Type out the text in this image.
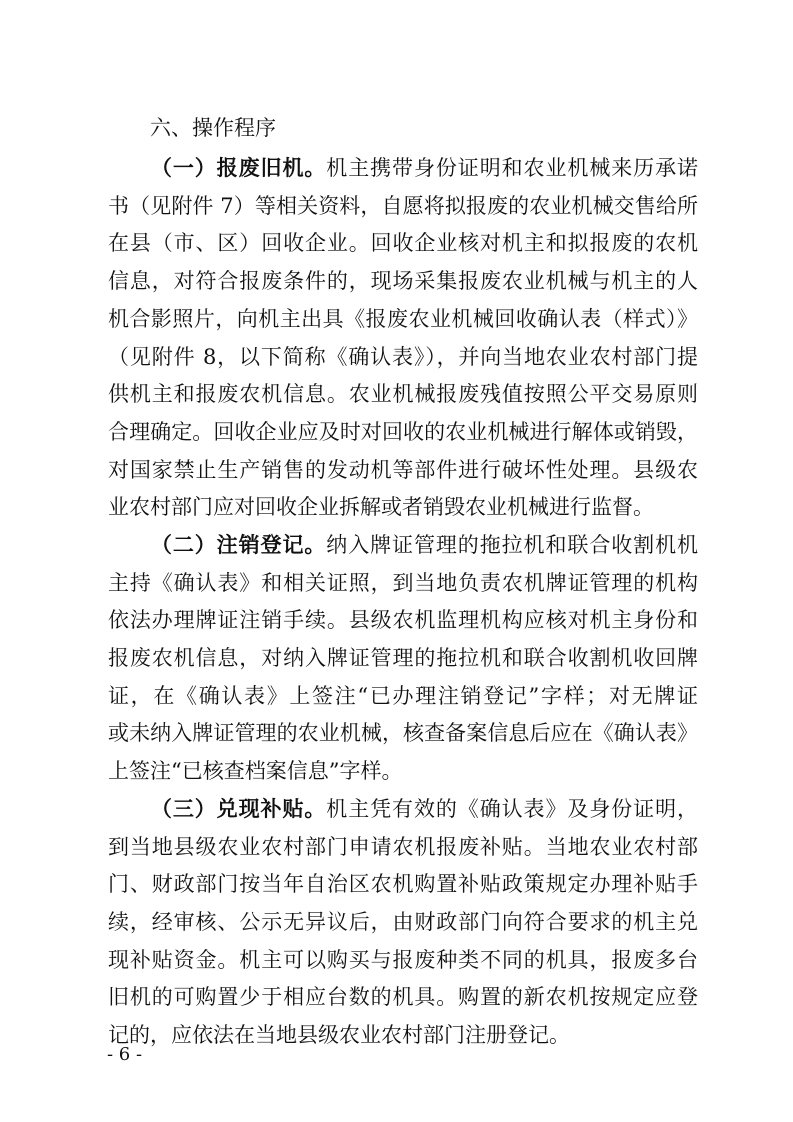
六、操作程序
（一）报废旧机。机主携带身份证明和农业机械来历承诺
书（见附件 7）等相关资料，自愿将拟报废的农业机械交售给所
在县（市、区）回收企业。回收企业核对机主和拟报废的农机
信息，对符合报废条件的，现场采集报废农业机械与机主的人
机合影照片，向机主出具《报废农业机械回收确认表（样式）》
（见附件 8，以下简称《确认表》），并向当地农业农村部门提
供机主和报废农机信息。农业机械报废残值按照公平交易原则
合理确定。回收企业应及时对回收的农业机械进行解体或销毁，
对国家禁止生产销售的发动机等部件进行破坏性处理。县级农
业农村部门应对回收企业拆解或者销毁农业机械进行监督。
（二）注销登记。纳入牌证管理的拖拉机和联合收割机机
主持《确认表》和相关证照，到当地负责农机牌证管理的机构
依法办理牌证注销手续。县级农机监理机构应核对机主身份和
报废农机信息，对纳入牌证管理的拖拉机和联合收割机收回牌
证，在《确认表》上签注“已办理注销登记”字样；对无牌证
或未纳入牌证管理的农业机械，核查备案信息后应在《确认表》
上签注“已核查档案信息”字样。
（三）兑现补贴。机主凭有效的《确认表》及身份证明，
到当地县级农业农村部门申请农机报废补贴。当地农业农村部
门、财政部门按当年自治区农机购置补贴政策规定办理补贴手
续，经审核、公示无异议后，由财政部门向符合要求的机主兑
现补贴资金。机主可以购买与报废种类不同的机具，报废多台
旧机的可购置少于相应台数的机具。购置的新农机按规定应登
记的，应依法在当地县级农业农村部门注册登记。
- 6 -
